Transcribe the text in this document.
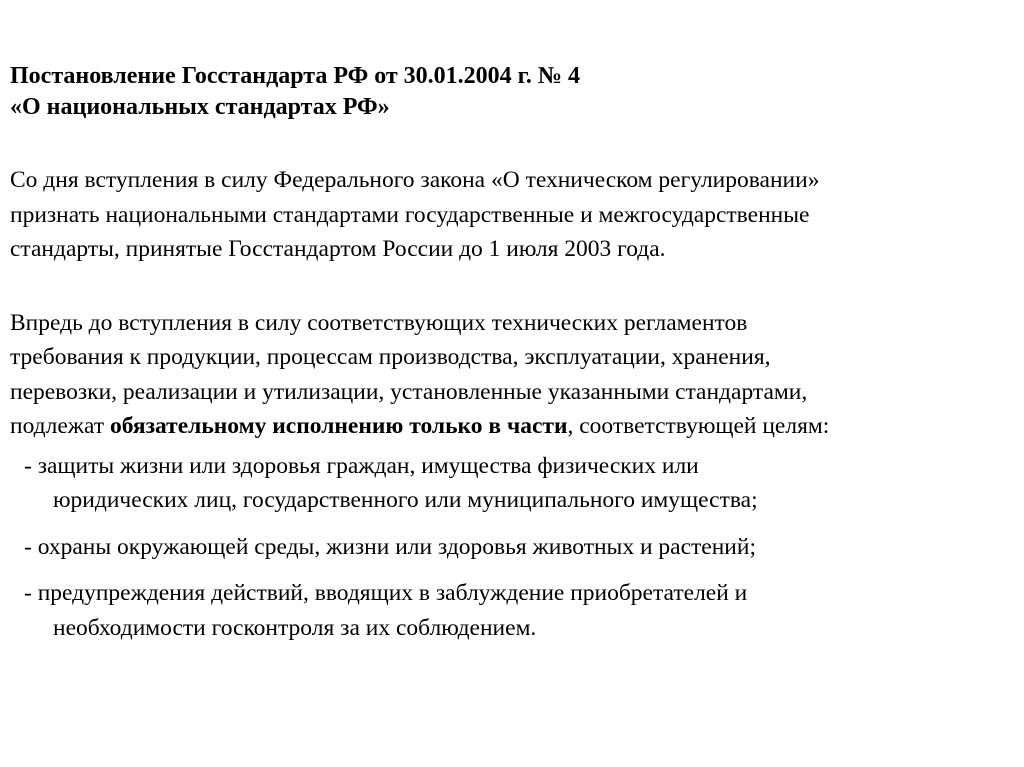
Постановление Госстандарта РФ от 30.01.2004 г. № 4
«О национальных стандартах РФ»
Со дня вступления в силу Федерального закона «О техническом регулировании»
признать национальными стандартами государственные и межгосударственные
стандарты, принятые Госстандартом России до 1 июля 2003 года.
Впредь до вступления в силу соответствующих технических регламентов
требования к продукции, процессам производства, эксплуатации, хранения,
перевозки, реализации и утилизации, установленные указанными стандартами,
подлежат обязательному исполнению только в части, соответствующей целям:
- защиты жизни или здоровья граждан, имущества физических или
юридических лиц, государственного или муниципального имущества;
- охраны окружающей среды, жизни или здоровья животных и растений;
- предупреждения действий, вводящих в заблуждение приобретателей и
необходимости госконтроля за их соблюдением.
